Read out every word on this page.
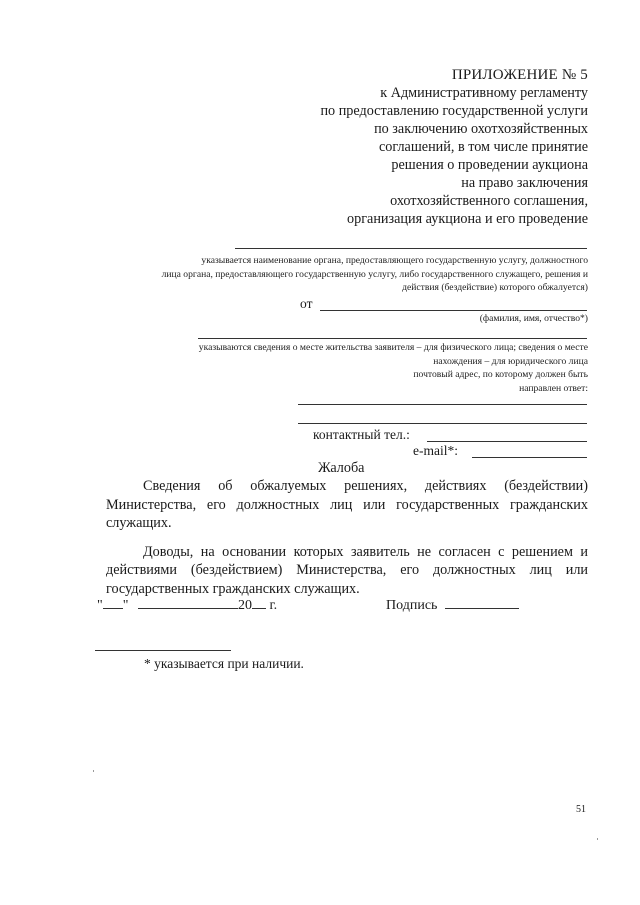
ПРИЛОЖЕНИЕ № 5
к Административному регламенту
по предоставлению государственной услуги
по заключению охотхозяйственных
соглашений, в том числе принятие
решения о проведении аукциона
на право заключения
охотхозяйственного соглашения,
организация аукциона и его проведение
указывается наименование органа, предоставляющего государственную услугу, должностного
лица органа, предоставляющего государственную услугу, либо государственного служащего, решения и
действия (бездействие) которого обжалуется)
от
(фамилия, имя, отчество*)
указываются сведения о месте жительства заявителя – для физического лица; сведения о месте
нахождения – для юридического лица
почтовый адрес, по которому должен быть
направлен ответ:
контактный тел.:
e-mail*:
Жалоба
Сведения об обжалуемых решениях, действиях (бездействии) Министерства, его должностных лиц или государственных гражданских служащих.
Доводы, на основании которых заявитель не согласен с решением и действиями (бездействием) Министерства, его должностных лиц или государственных гражданских служащих.
" "	20 г.	Подпись
* указывается при наличии.
51
